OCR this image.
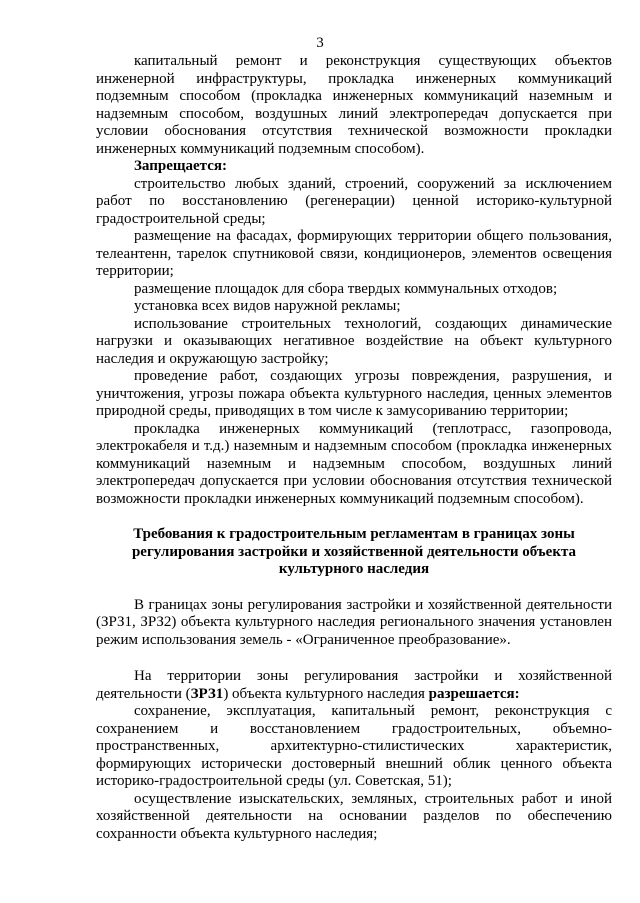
3

капитальный ремонт и реконструкция существующих объектов инженерной инфраструктуры, прокладка инженерных коммуникаций подземным способом (прокладка инженерных коммуникаций наземным и надземным способом, воздушных линий электропередач допускается при условии обоснования отсутствия технической возможности прокладки инженерных коммуникаций подземным способом).

Запрещается:

строительство любых зданий, строений, сооружений за исключением работ по восстановлению (регенерации) ценной историко-культурной градостроительной среды;

размещение на фасадах, формирующих территории общего пользования, телеантенн, тарелок спутниковой связи, кондиционеров, элементов освещения территории;

размещение площадок для сбора твердых коммунальных отходов;

установка всех видов наружной рекламы;

использование строительных технологий, создающих динамические нагрузки и оказывающих негативное воздействие на объект культурного наследия и окружающую застройку;

проведение работ, создающих угрозы повреждения, разрушения, и уничтожения, угрозы пожара объекта культурного наследия, ценных элементов природной среды, приводящих в том числе к замусориванию территории;

прокладка инженерных коммуникаций (теплотрасс, газопровода, электрокабеля и т.д.) наземным и надземным способом (прокладка инженерных коммуникаций наземным и надземным способом, воздушных линий электропередач допускается при условии обоснования отсутствия технической возможности прокладки инженерных коммуникаций подземным способом).

Требования к градостроительным регламентам в границах зоны регулирования застройки и хозяйственной деятельности объекта культурного наследия

В границах зоны регулирования застройки и хозяйственной деятельности (ЗРЗ1, ЗРЗ2) объекта культурного наследия регионального значения установлен режим использования земель - «Ограниченное преобразование».

На территории зоны регулирования застройки и хозяйственной деятельности (ЗРЗ1) объекта культурного наследия разрешается:

сохранение, эксплуатация, капитальный ремонт, реконструкция с сохранением и восстановлением градостроительных, объемно-пространственных, архитектурно-стилистических характеристик, формирующих исторически достоверный внешний облик ценного объекта историко-градостроительной среды (ул. Советская, 51);

осуществление изыскательских, земляных, строительных работ и иной хозяйственной деятельности на основании разделов по обеспечению сохранности объекта культурного наследия;
